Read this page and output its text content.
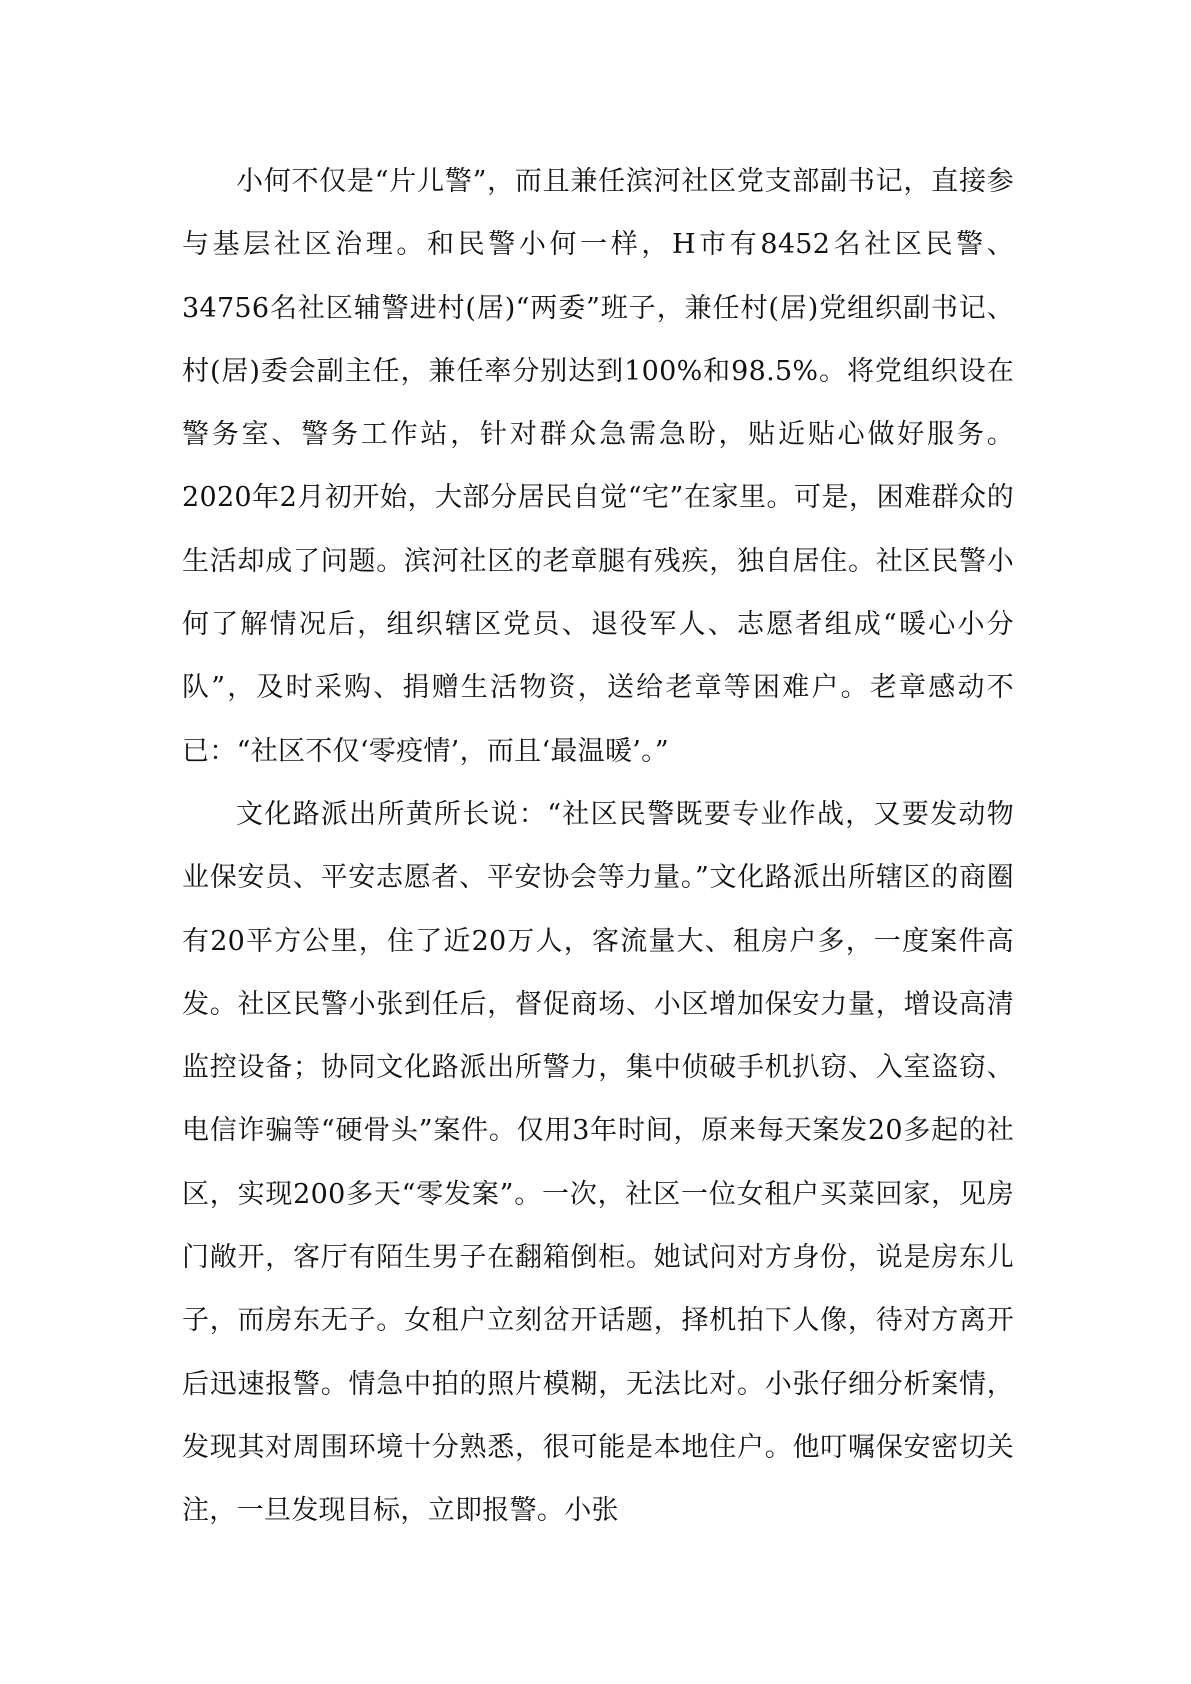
小何不仅是“片儿警”，而且兼任滨河社区党支部副书记，直接参与基层社区治理。和民警小何一样，H市有8452名社区民警、34756名社区辅警进村(居)“两委”班子，兼任村(居)党组织副书记、村(居)委会副主任，兼任率分别达到100%和98.5%。将党组织设在警务室、警务工作站，针对群众急需急盼，贴近贴心做好服务。2020年2月初开始，大部分居民自觉“宅”在家里。可是，困难群众的生活却成了问题。滨河社区的老章腿有残疾，独自居住。社区民警小何了解情况后，组织辖区党员、退役军人、志愿者组成“暖心小分队”，及时采购、捐赠生活物资，送给老章等困难户。老章感动不已：“社区不仅‘零疫情’，而且‘最温暖’。”

文化路派出所黄所长说：“社区民警既要专业作战，又要发动物业保安员、平安志愿者、平安协会等力量。”文化路派出所辖区的商圈有20平方公里，住了近20万人，客流量大、租房户多，一度案件高发。社区民警小张到任后，督促商场、小区增加保安力量，增设高清监控设备；协同文化路派出所警力，集中侦破手机扒窃、入室盗窃、电信诈骗等“硬骨头”案件。仅用3年时间，原来每天案发20多起的社区，实现200多天“零发案”。一次，社区一位女租户买菜回家，见房门敞开，客厅有陌生男子在翻箱倒柜。她试问对方身份，说是房东儿子，而房东无子。女租户立刻岔开话题，择机拍下人像，待对方离开后迅速报警。情急中拍的照片模糊，无法比对。小张仔细分析案情，发现其对周围环境十分熟悉，很可能是本地住户。他叮嘱保安密切关注，一旦发现目标，立即报警。小张
